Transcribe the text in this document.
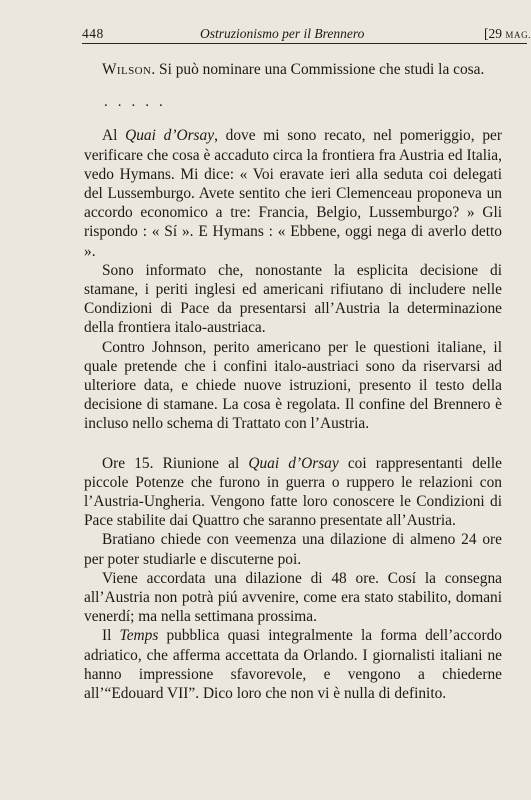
448	Ostruzionismo per il Brennero	[29 MAG.

Wilson. Si può nominare una Commissione che studi la cosa.

.....

Al Quai d’Orsay, dove mi sono recato, nel pomeriggio, per verificare che cosa è accaduto circa la frontiera fra Austria ed Italia, vedo Hymans. Mi dice: « Voi eravate ieri alla seduta coi delegati del Lussemburgo. Avete sentito che ieri Clemenceau proponeva un accordo economico a tre: Francia, Belgio, Lussemburgo? » Gli rispondo : « Sí ». E Hymans : « Ebbene, oggi nega di averlo detto ».

Sono informato che, nonostante la esplicita decisione di stamane, i periti inglesi ed americani rifiutano di includere nelle Condizioni di Pace da presentarsi all’Austria la determinazione della frontiera italo-austriaca.

Contro Johnson, perito americano per le questioni italiane, il quale pretende che i confini italo-austriaci sono da riservarsi ad ulteriore data, e chiede nuove istruzioni, presento il testo della decisione di stamane. La cosa è regolata. Il confine del Brennero è incluso nello schema di Trattato con l’Austria.

Ore 15. Riunione al Quai d’Orsay coi rappresentanti delle piccole Potenze che furono in guerra o ruppero le relazioni con l’Austria-Ungheria. Vengono fatte loro conoscere le Condizioni di Pace stabilite dai Quattro che saranno presentate all’Austria.

Bratiano chiede con veemenza una dilazione di almeno 24 ore per poter studiarle e discuterne poi.

Viene accordata una dilazione di 48 ore. Cosí la consegna all’Austria non potrà piú avvenire, come era stato stabilito, domani venerdí; ma nella settimana prossima.

Il Temps pubblica quasi integralmente la forma dell’accordo adriatico, che afferma accettata da Orlando. I giornalisti italiani ne hanno impressione sfavorevole, e vengono a chiederne all’“Edouard VII”. Dico loro che non vi è nulla di definito.
